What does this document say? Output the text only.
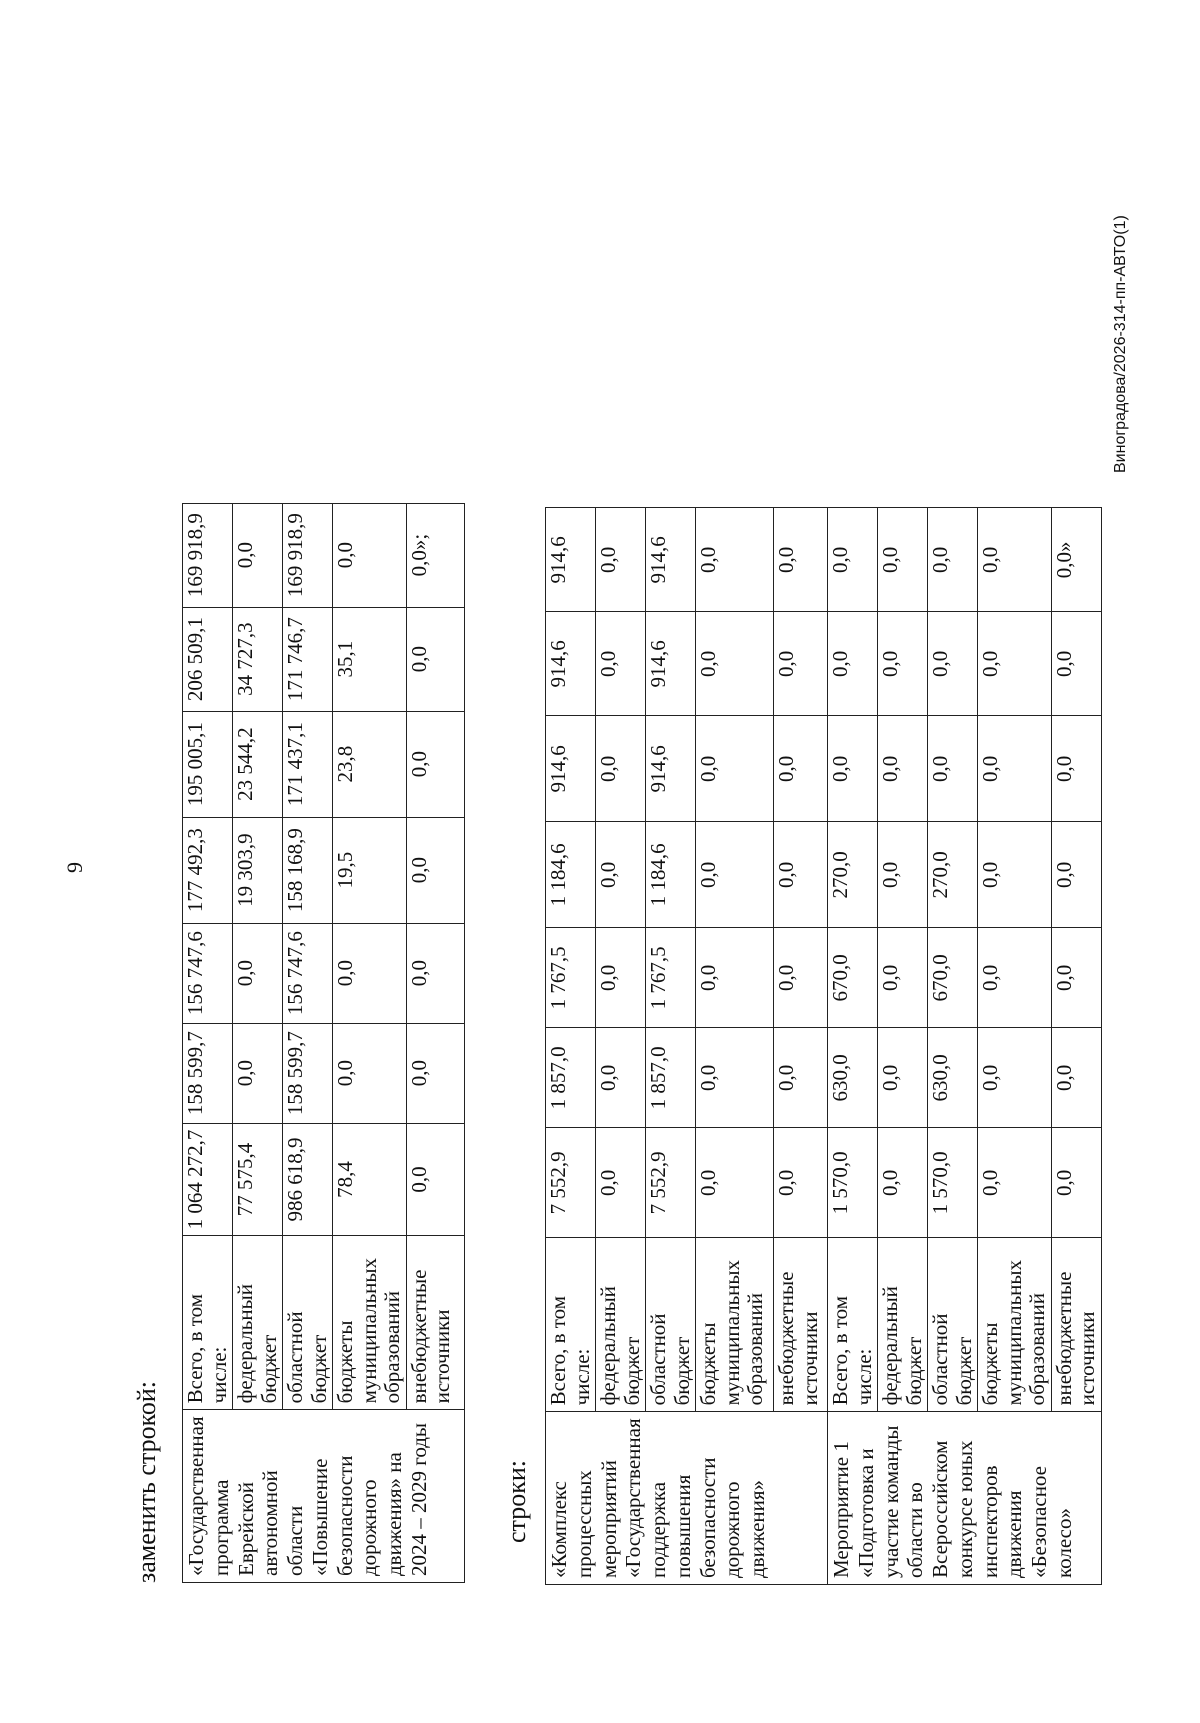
9
заменить строкой: «Государственная программа Еврейской автономной области «Повышение безопасности дорожного движения» на 2024 – 2029 годы	Всего, в том числе:	1 064 272,7	158 599,7	156 747,6	177 492,3	195 005,1	206 509,1	169 918,9
	федеральный бюджет	77 575,4	0,0	0,0	19 303,9	23 544,2	34 727,3	0,0
	областной бюджет	986 618,9	158 599,7	156 747,6	158 168,9	171 437,1	171 746,7	169 918,9
	бюджеты муниципальных образований	78,4	0,0	0,0	19,5	23,8	35,1	0,0
	внебюджетные источники	0,0	0,0	0,0	0,0	0,0	0,0	0,0»;
строки: «Комплекс процессных мероприятий «Государственная поддержка повышения безопасности дорожного движения»	Всего, в том числе:	7 552,9	1 857,0	1 767,5	1 184,6	914,6	914,6	914,6
	федеральный бюджет	0,0	0,0	0,0	0,0	0,0	0,0	0,0
	областной бюджет	7 552,9	1 857,0	1 767,5	1 184,6	914,6	914,6	914,6
	бюджеты муниципальных образований	0,0	0,0	0,0	0,0	0,0	0,0	0,0
	внебюджетные источники	0,0	0,0	0,0	0,0	0,0	0,0	0,0
Мероприятие 1 «Подготовка и участие команды области во Всероссийском конкурсе юных инспекторов движения «Безопасное колесо»	Всего, в том числе:	1 570,0	630,0	670,0	270,0	0,0	0,0	0,0
	федеральный бюджет	0,0	0,0	0,0	0,0	0,0	0,0	0,0
	областной бюджет	1 570,0	630,0	670,0	270,0	0,0	0,0	0,0
	бюджеты муниципальных образований	0,0	0,0	0,0	0,0	0,0	0,0	0,0
	внебюджетные источники	0,0	0,0	0,0	0,0	0,0	0,0	0,0»
Виноградова/2026-314-пп-АВТО(1)
